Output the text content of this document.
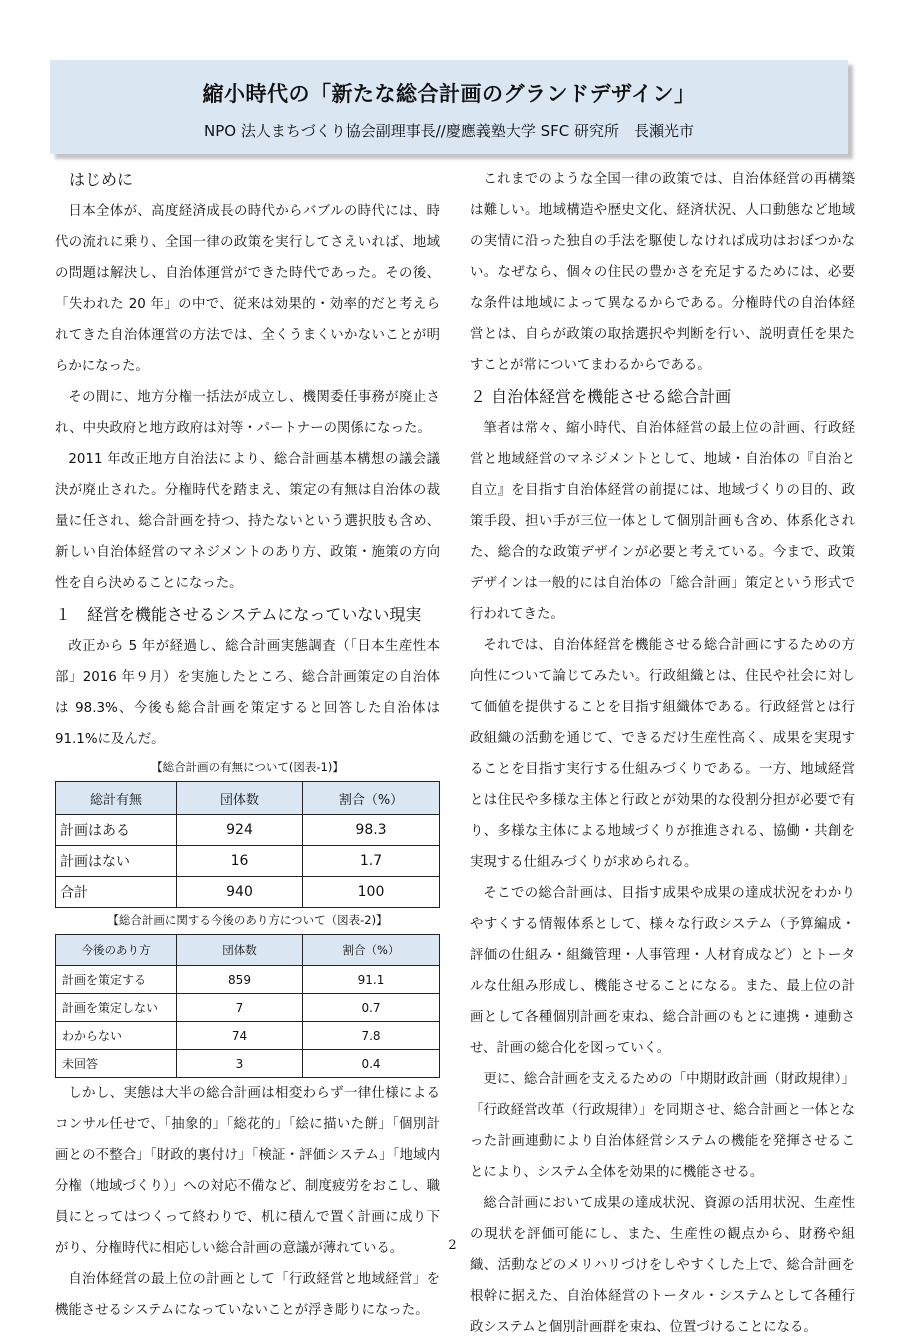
縮小時代の「新たな総合計画のグランドデザイン」
NPO 法人まちづくり協会副理事長//慶應義塾大学 SFC 研究所　長瀬光市
はじめに

日本全体が、高度経済成長の時代からバブルの時代には、時代の流れに乗り、全国一律の政策を実行してさえいれば、地域の問題は解決し、自治体運営ができた時代であった。その後、「失われた 20 年」の中で、従来は効果的・効率的だと考えられてきた自治体運営の方法では、全くうまくいかないことが明らかになった。

その間に、地方分権一括法が成立し、機関委任事務が廃止され、中央政府と地方政府は対等・パートナーの関係になった。

2011 年改正地方自治法により、総合計画基本構想の議会議決が廃止された。分権時代を踏まえ、策定の有無は自治体の裁量に任され、総合計画を持つ、持たないという選択肢も含め、新しい自治体経営のマネジメントのあり方、政策・施策の方向性を自ら決めることになった。

１　経営を機能させるシステムになっていない現実

改正から 5 年が経過し、総合計画実態調査（「日本生産性本部」2016 年９月）を実施したところ、総合計画策定の自治体は 98.3%、今後も総合計画を策定すると回答した自治体は 91.1%に及んだ。

【総合計画の有無について(図表-1)】
総計有無	団体数	割合（%）
計画はある	924	98.3
計画はない	16	1.7
合計	940	100
【総合計画に関する今後のあり方について（図表-2)】
今後のあり方	団体数	割合（%）
計画を策定する	859	91.1
計画を策定しない	7	0.7
わからない	74	7.8
未回答	3	0.4

しかし、実態は大半の総合計画は相変わらず一律仕様によるコンサル任せで、「抽象的」「総花的」「絵に描いた餅」「個別計画との不整合」「財政的裏付け」「検証・評価システム」「地域内分権（地域づくり）」への対応不備など、制度疲労をおこし、職員にとってはつくって終わりで、机に積んで置く計画に成り下がり、分権時代に相応しい総合計画の意議が薄れている。

自治体経営の最上位の計画として「行政経営と地域経営」を機能させるシステムになっていないことが浮き彫りになった。

これまでのような全国一律の政策では、自治体経営の再構築は難しい。地域構造や歴史文化、経済状況、人口動態など地域の実情に沿った独自の手法を駆使しなければ成功はおぼつかない。なぜなら、個々の住民の豊かさを充足するためには、必要な条件は地域によって異なるからである。分権時代の自治体経営とは、自らが政策の取捨選択や判断を行い、説明責任を果たすことが常についてまわるからである。

２ 自治体経営を機能させる総合計画

筆者は常々、縮小時代、自治体経営の最上位の計画、行政経営と地域経営のマネジメントとして、地域・自治体の『自治と自立』を目指す自治体経営の前提には、地域づくりの目的、政策手段、担い手が三位一体として個別計画も含め、体系化された、総合的な政策デザインが必要と考えている。今まで、政策デザインは一般的には自治体の「総合計画」策定という形式で行われてきた。

それでは、自治体経営を機能させる総合計画にするための方向性について論じてみたい。行政組織とは、住民や社会に対して価値を提供することを目指す組織体である。行政経営とは行政組織の活動を通じて、できるだけ生産性高く、成果を実現することを目指す実行する仕組みづくりである。一方、地域経営とは住民や多様な主体と行政とが効果的な役割分担が必要で有り、多様な主体による地域づくりが推進される、協働・共創を実現する仕組みづくりが求められる。

そこでの総合計画は、目指す成果や成果の達成状況をわかりやすくする情報体系として、様々な行政システム（予算編成・評価の仕組み・組織管理・人事管理・人材育成など）とトータルな仕組み形成し、機能させることになる。また、最上位の計画として各種個別計画を束ね、総合計画のもとに連携・連動させ、計画の総合化を図っていく。

更に、総合計画を支えるための「中期財政計画（財政規律）」「行政経営改革（行政規律）」を同期させ、総合計画と一体となった計画連動により自治体経営システムの機能を発揮させることにより、システム全体を効果的に機能させる。

総合計画において成果の達成状況、資源の活用状況、生産性の現状を評価可能にし、また、生産性の観点から、財務や組織、活動などのメリハリづけをしやすくした上で、総合計画を根幹に据えた、自治体経営のトータル・システムとして各種行政システムと個別計画群を束ね、位置づけることになる。

2
